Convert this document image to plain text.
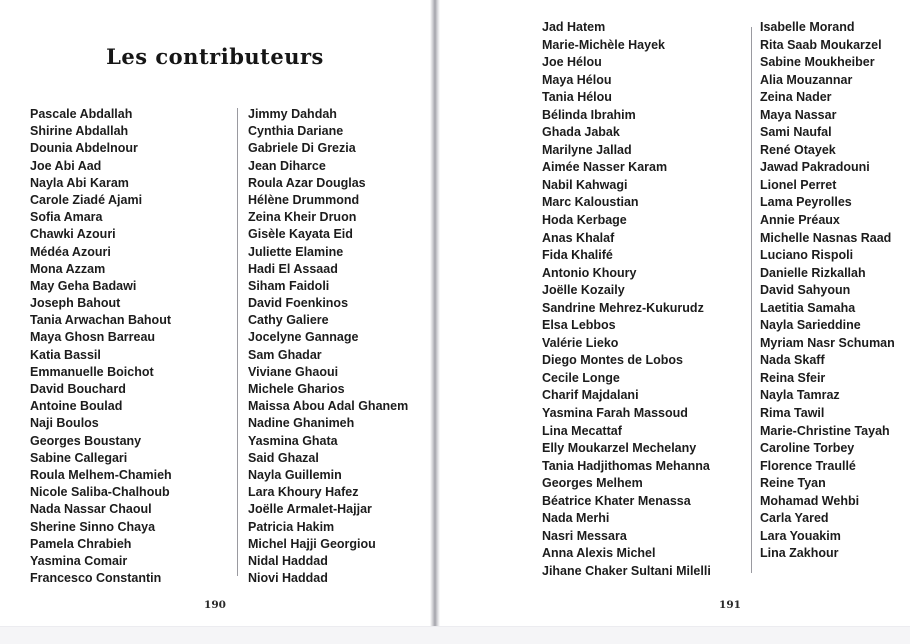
Les contributeurs
Pascale Abdallah
Shirine Abdallah
Dounia Abdelnour
Joe Abi Aad
Nayla Abi Karam
Carole Ziadé Ajami
Sofia Amara
Chawki Azouri
Médéa Azouri
Mona Azzam
May Geha Badawi
Joseph Bahout
Tania Arwachan Bahout
Maya Ghosn Barreau
Katia Bassil
Emmanuelle Boichot
David Bouchard
Antoine Boulad
Naji Boulos
Georges Boustany
Sabine Callegari
Roula Melhem-Chamieh
Nicole Saliba-Chalhoub
Nada Nassar Chaoul
Sherine Sinno Chaya
Pamela Chrabieh
Yasmina Comair
Francesco Constantin
Jimmy Dahdah
Cynthia Dariane
Gabriele Di Grezia
Jean Diharce
Roula Azar Douglas
Hélène Drummond
Zeina Kheir Druon
Gisèle Kayata Eid
Juliette Elamine
Hadi El Assaad
Siham Faidoli
David Foenkinos
Cathy Galiere
Jocelyne Gannage
Sam Ghadar
Viviane Ghaoui
Michele Gharios
Maissa Abou Adal Ghanem
Nadine Ghanimeh
Yasmina Ghata
Said Ghazal
Nayla Guillemin
Lara Khoury Hafez
Joëlle Armalet-Hajjar
Patricia Hakim
Michel Hajji Georgiou
Nidal Haddad
Niovi Haddad
190
Jad Hatem
Marie-Michèle Hayek
Joe Hélou
Maya Hélou
Tania Hélou
Bélinda Ibrahim
Ghada Jabak
Marilyne Jallad
Aimée Nasser Karam
Nabil Kahwagi
Marc Kaloustian
Hoda Kerbage
Anas Khalaf
Fida Khalifé
Antonio Khoury
Joëlle Kozaily
Sandrine Mehrez-Kukurudz
Elsa Lebbos
Valérie Lieko
Diego Montes de Lobos
Cecile Longe
Charif Majdalani
Yasmina Farah Massoud
Lina Mecattaf
Elly Moukarzel Mechelany
Tania Hadjithomas Mehanna
Georges Melhem
Béatrice Khater Menassa
Nada Merhi
Nasri Messara
Anna Alexis Michel
Jihane Chaker Sultani Milelli
Isabelle Morand
Rita Saab Moukarzel
Sabine Moukheiber
Alia Mouzannar
Zeina Nader
Maya Nassar
Sami Naufal
René Otayek
Jawad Pakradouni
Lionel Perret
Lama Peyrolles
Annie Préaux
Michelle Nasnas Raad
Luciano Rispoli
Danielle Rizkallah
David Sahyoun
Laetitia Samaha
Nayla Sarieddine
Myriam Nasr Schuman
Nada Skaff
Reina Sfeir
Nayla Tamraz
Rima Tawil
Marie-Christine Tayah
Caroline Torbey
Florence Traullé
Reine Tyan
Mohamad Wehbi
Carla Yared
Lara Youakim
Lina Zakhour
191
